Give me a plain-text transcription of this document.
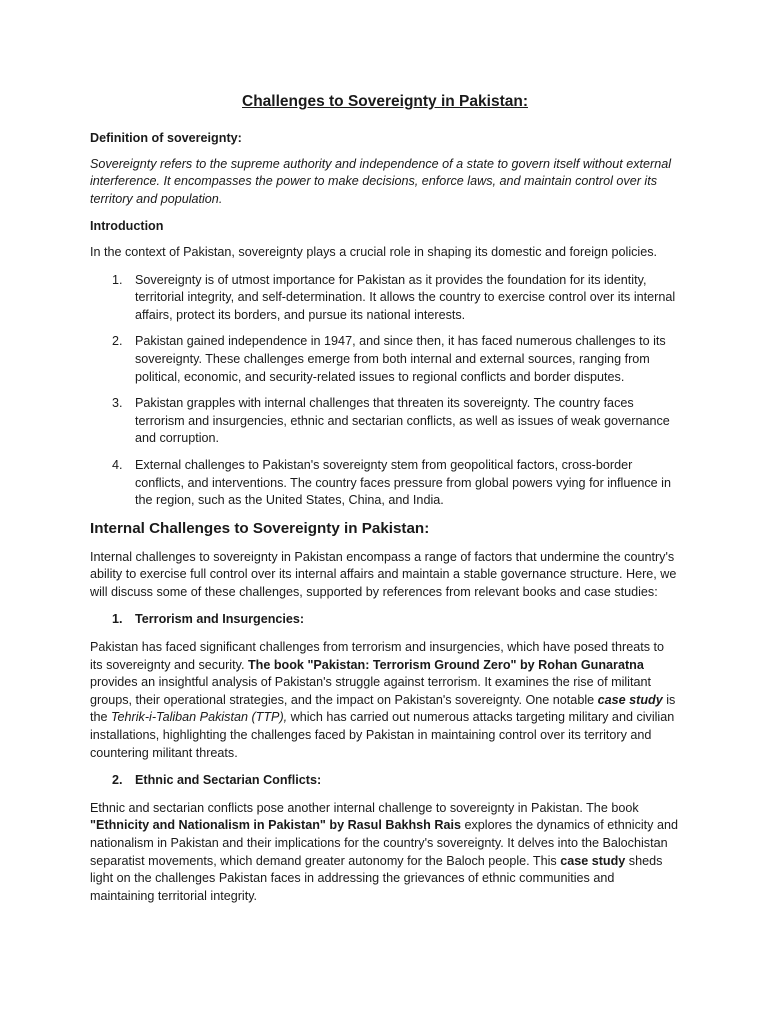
Challenges to Sovereignty in Pakistan:
Definition of sovereignty:

Sovereignty refers to the supreme authority and independence of a state to govern itself without external interference. It encompasses the power to make decisions, enforce laws, and maintain control over its territory and population.

Introduction

In the context of Pakistan, sovereignty plays a crucial role in shaping its domestic and foreign policies.

1. Sovereignty is of utmost importance for Pakistan as it provides the foundation for its identity, territorial integrity, and self-determination. It allows the country to exercise control over its internal affairs, protect its borders, and pursue its national interests.
2. Pakistan gained independence in 1947, and since then, it has faced numerous challenges to its sovereignty. These challenges emerge from both internal and external sources, ranging from political, economic, and security-related issues to regional conflicts and border disputes.
3. Pakistan grapples with internal challenges that threaten its sovereignty. The country faces terrorism and insurgencies, ethnic and sectarian conflicts, as well as issues of weak governance and corruption.
4. External challenges to Pakistan's sovereignty stem from geopolitical factors, cross-border conflicts, and interventions. The country faces pressure from global powers vying for influence in the region, such as the United States, China, and India.
Internal Challenges to Sovereignty in Pakistan:

Internal challenges to sovereignty in Pakistan encompass a range of factors that undermine the country's ability to exercise full control over its internal affairs and maintain a stable governance structure. Here, we will discuss some of these challenges, supported by references from relevant books and case studies:

1. Terrorism and Insurgencies:

Pakistan has faced significant challenges from terrorism and insurgencies, which have posed threats to its sovereignty and security. The book "Pakistan: Terrorism Ground Zero" by Rohan Gunaratna provides an insightful analysis of Pakistan's struggle against terrorism. It examines the rise of militant groups, their operational strategies, and the impact on Pakistan's sovereignty. One notable case study is the Tehrik-i-Taliban Pakistan (TTP), which has carried out numerous attacks targeting military and civilian installations, highlighting the challenges faced by Pakistan in maintaining control over its territory and countering militant threats.

2. Ethnic and Sectarian Conflicts:

Ethnic and sectarian conflicts pose another internal challenge to sovereignty in Pakistan. The book "Ethnicity and Nationalism in Pakistan" by Rasul Bakhsh Rais explores the dynamics of ethnicity and nationalism in Pakistan and their implications for the country's sovereignty. It delves into the Balochistan separatist movements, which demand greater autonomy for the Baloch people. This case study sheds light on the challenges Pakistan faces in addressing the grievances of ethnic communities and maintaining territorial integrity.
